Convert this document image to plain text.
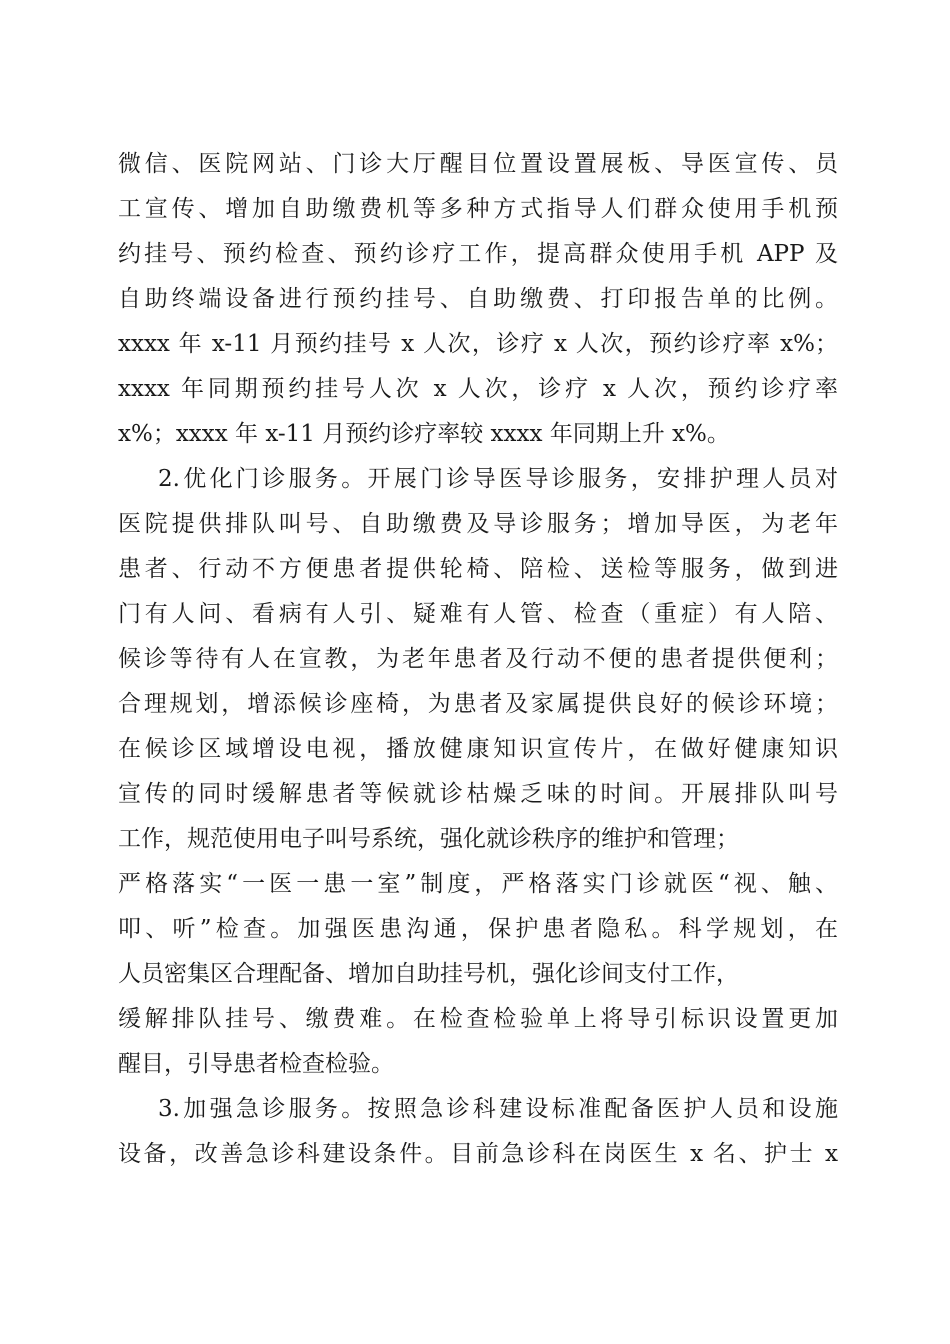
微信、医院网站、门诊大厅醒目位置设置展板、导医宣传、员
工宣传、增加自助缴费机等多种方式指导人们群众使用手机预
约挂号、预约检查、预约诊疗工作，提高群众使用手机 APP 及
自助终端设备进行预约挂号、自助缴费、打印报告单的比例。
xxxx 年 x-11 月预约挂号 x 人次，诊疗 x 人次，预约诊疗率 x%；
xxxx 年同期预约挂号人次 x 人次，诊疗 x 人次，预约诊疗率
x%；xxxx 年 x-11 月预约诊疗率较 xxxx 年同期上升 x%。
2.优化门诊服务。开展门诊导医导诊服务，安排护理人员对
医院提供排队叫号、自助缴费及导诊服务；增加导医，为老年
患者、行动不方便患者提供轮椅、陪检、送检等服务，做到进
门有人问、看病有人引、疑难有人管、检查（重症）有人陪、
候诊等待有人在宣教，为老年患者及行动不便的患者提供便利；
合理规划，增添候诊座椅，为患者及家属提供良好的候诊环境；
在候诊区域增设电视，播放健康知识宣传片，在做好健康知识
宣传的同时缓解患者等候就诊枯燥乏味的时间。开展排队叫号
工作，规范使用电子叫号系统，强化就诊秩序的维护和管理；
严格落实“一医一患一室”制度，严格落实门诊就医“视、触、
叩、听”检查。加强医患沟通，保护患者隐私。科学规划，在
人员密集区合理配备、增加自助挂号机，强化诊间支付工作，
缓解排队挂号、缴费难。在检查检验单上将导引标识设置更加
醒目，引导患者检查检验。
3.加强急诊服务。按照急诊科建设标准配备医护人员和设施
设备，改善急诊科建设条件。目前急诊科在岗医生 x 名、护士 x
